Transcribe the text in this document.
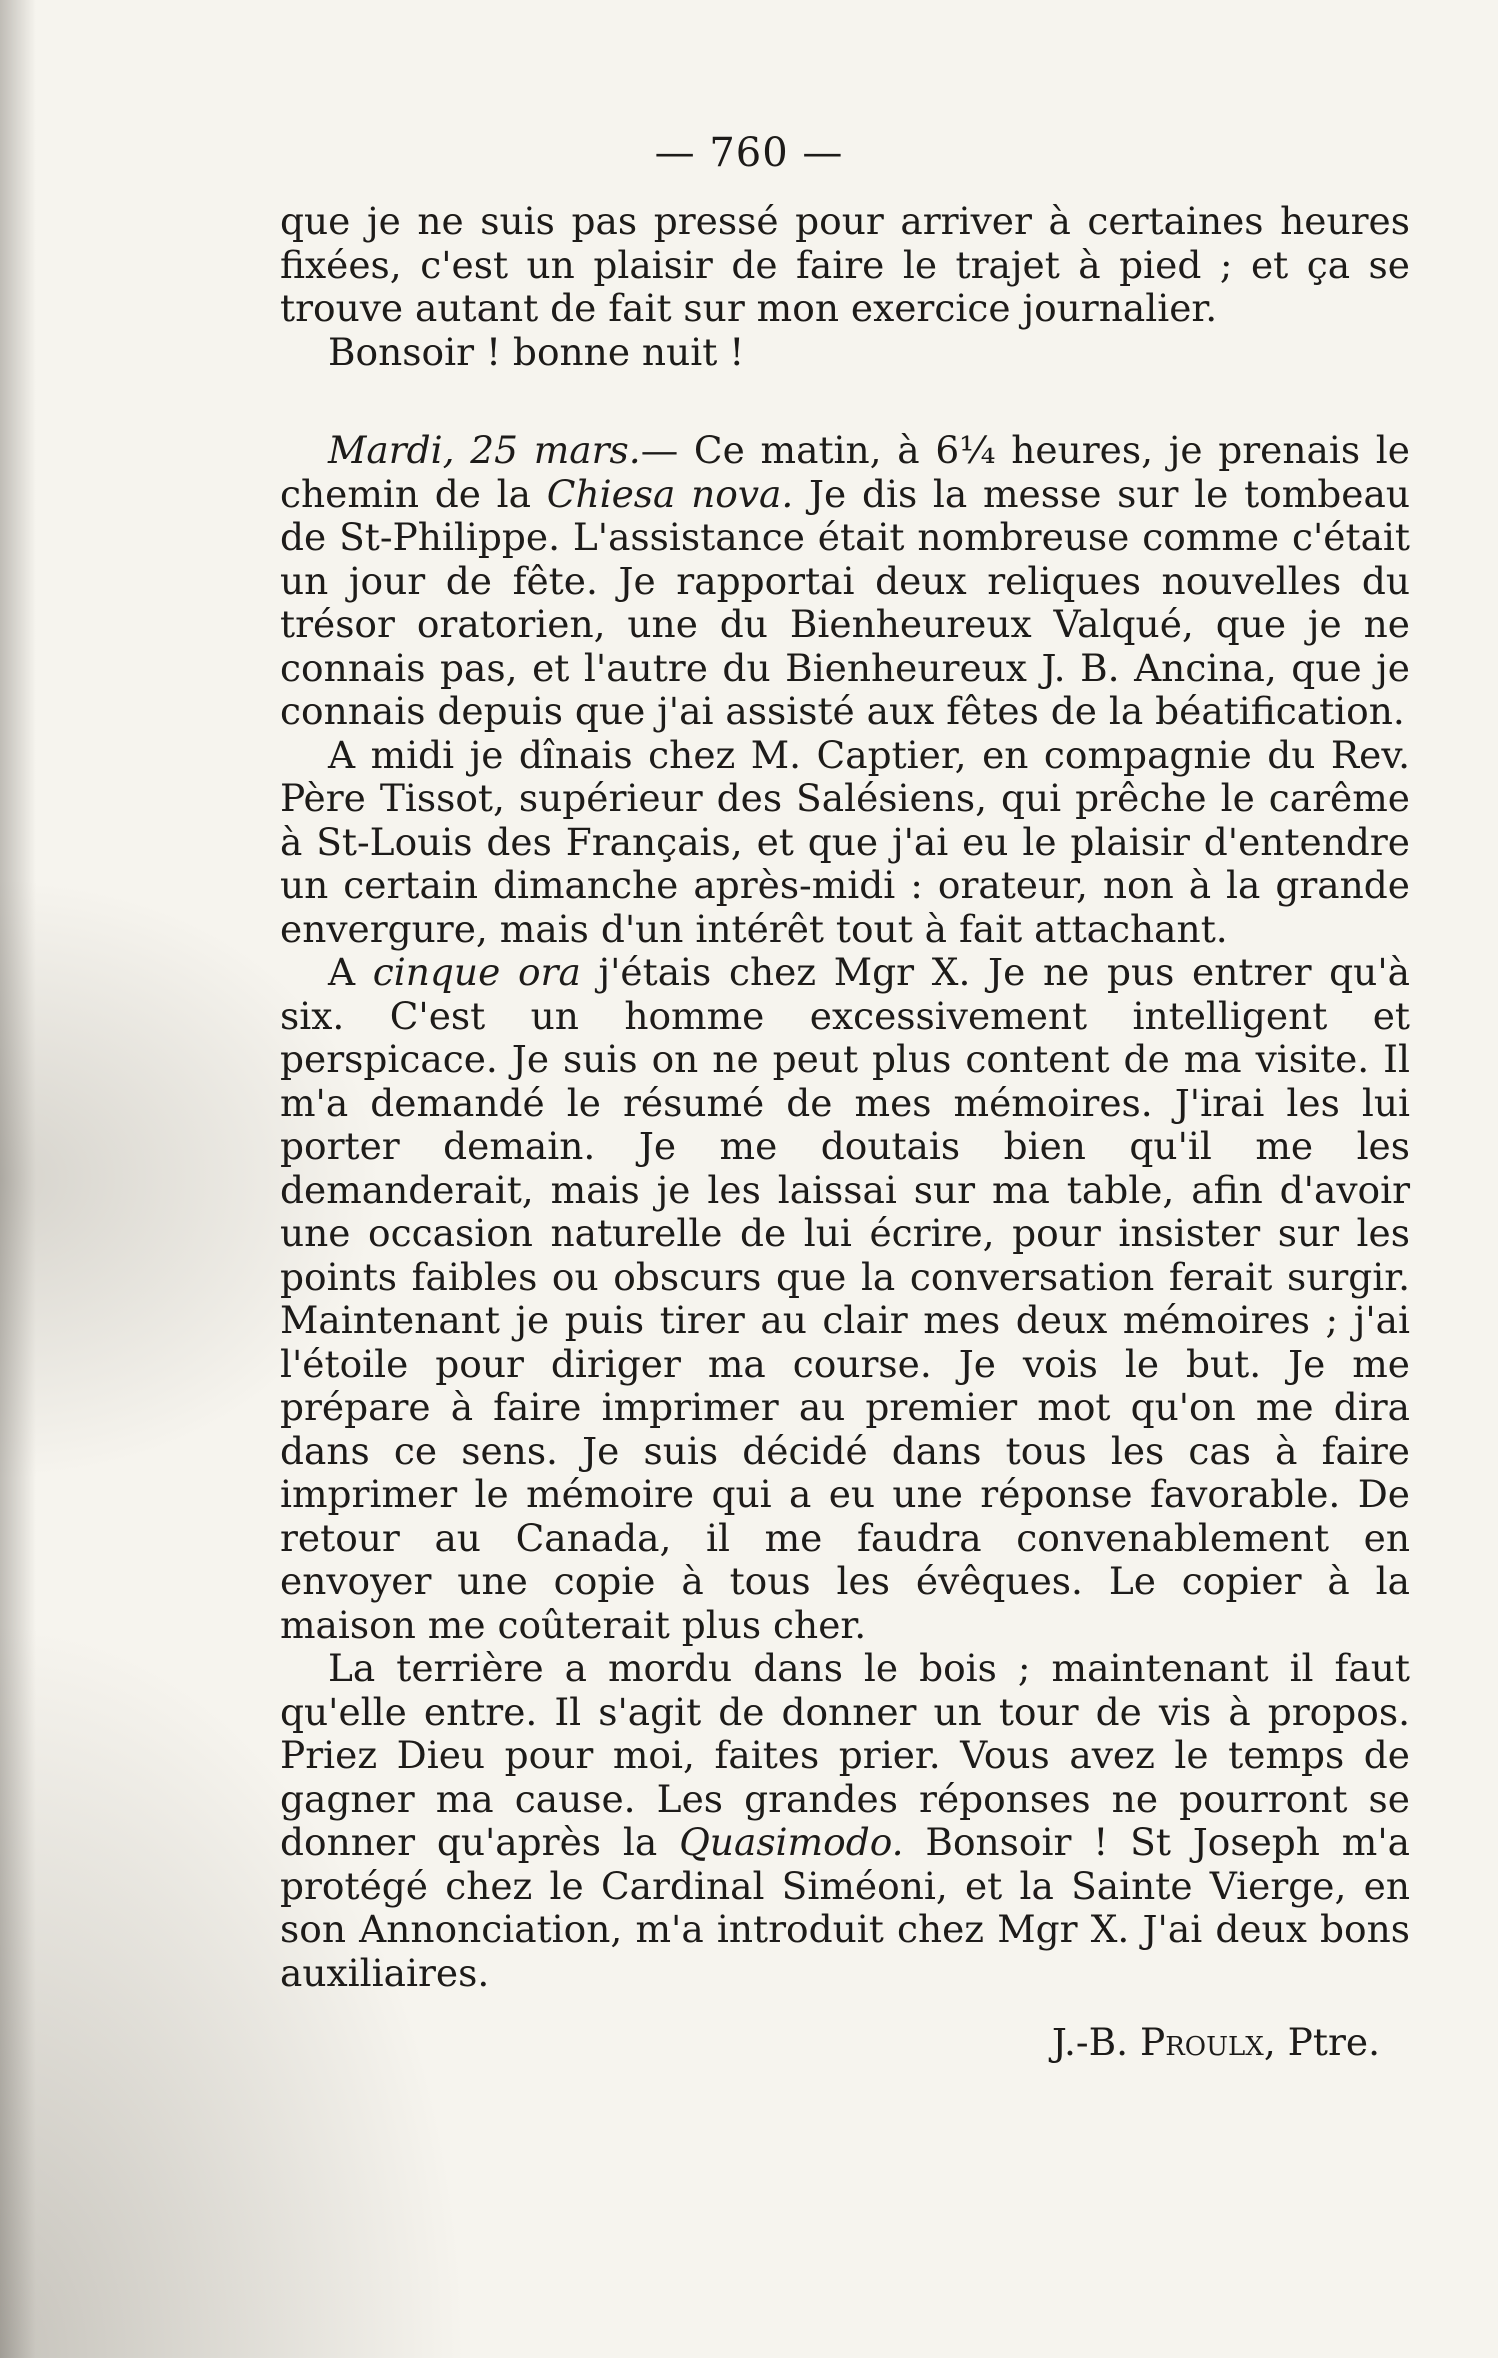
— 760 —

que je ne suis pas pressé pour arriver à certaines heures fixées, c'est un plaisir de faire le trajet à pied ; et ça se trouve autant de fait sur mon exercice journalier.

Bonsoir ! bonne nuit !

Mardi, 25 mars.— Ce matin, à 6¼ heures, je prenais le chemin de la Chiesa nova. Je dis la messe sur le tombeau de St-Philippe. L'assistance était nombreuse comme c'était un jour de fête. Je rapportai deux reliques nouvelles du trésor oratorien, une du Bienheureux Valqué, que je ne connais pas, et l'autre du Bienheureux J. B. Ancina, que je connais depuis que j'ai assisté aux fêtes de la béatification.

A midi je dînais chez M. Captier, en compagnie du Rev. Père Tissot, supérieur des Salésiens, qui prêche le carême à St-Louis des Français, et que j'ai eu le plaisir d'entendre un certain dimanche après-midi : orateur, non à la grande envergure, mais d'un intérêt tout à fait attachant.

A cinque ora j'étais chez Mgr X. Je ne pus entrer qu'à six. C'est un homme excessivement intelligent et perspicace. Je suis on ne peut plus content de ma visite. Il m'a demandé le résumé de mes mémoires. J'irai les lui porter demain. Je me doutais bien qu'il me les demanderait, mais je les laissai sur ma table, afin d'avoir une occasion naturelle de lui écrire, pour insister sur les points faibles ou obscurs que la conversation ferait surgir. Maintenant je puis tirer au clair mes deux mémoires ; j'ai l'étoile pour diriger ma course. Je vois le but. Je me prépare à faire imprimer au premier mot qu'on me dira dans ce sens. Je suis décidé dans tous les cas à faire imprimer le mémoire qui a eu une réponse favorable. De retour au Canada, il me faudra convenablement en envoyer une copie à tous les évêques. Le copier à la maison me coûterait plus cher.

La terrière a mordu dans le bois ; maintenant il faut qu'elle entre. Il s'agit de donner un tour de vis à propos. Priez Dieu pour moi, faites prier. Vous avez le temps de gagner ma cause. Les grandes réponses ne pourront se donner qu'après la Quasimodo. Bonsoir ! St Joseph m'a protégé chez le Cardinal Siméoni, et la Sainte Vierge, en son Annonciation, m'a introduit chez Mgr X. J'ai deux bons auxiliaires.

J.-B. Proulx, Ptre.
